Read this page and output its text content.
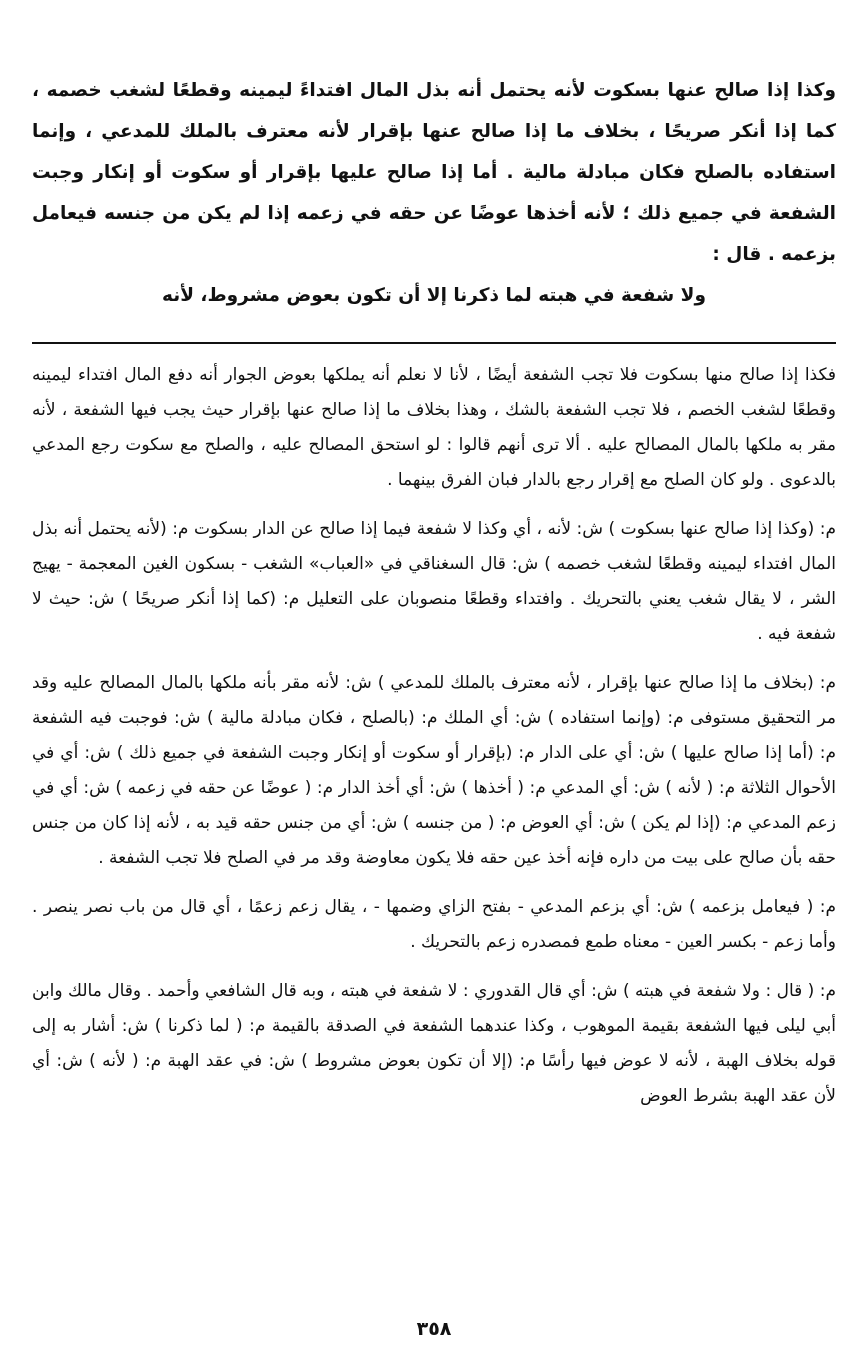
وكذا إذا صالح عنها بسكوت لأنه يحتمل أنه بذل المال افتداءً ليمينه وقطعًا لشغب خصمه ، كما إذا أنكر صريحًا ، بخلاف ما إذا صالح عنها بإقرار لأنه معترف بالملك للمدعي ، وإنما استفاده بالصلح فكان مبادلة مالية . أما إذا صالح عليها بإقرار أو سكوت أو إنكار وجبت الشفعة في جميع ذلك ؛ لأنه أخذها عوضًا عن حقه في زعمه إذا لم يكن من جنسه فيعامل بزعمه . قال :
ولا شفعة في هبته لما ذكرنا إلا أن تكون بعوض مشروط، لأنه

فكذا إذا صالح منها بسكوت فلا تجب الشفعة أيضًا ، لأنا لا نعلم أنه يملكها بعوض الجوار أنه دفع المال افتداء ليمينه وقطعًا لشغب الخصم ، فلا تجب الشفعة بالشك ، وهذا بخلاف ما إذا صالح عنها بإقرار حيث يجب فيها الشفعة ، لأنه مقر به ملكها بالمال المصالح عليه . ألا ترى أنهم قالوا : لو استحق المصالح عليه ، والصلح مع سكوت رجع المدعي بالدعوى . ولو كان الصلح مع إقرار رجع بالدار فبان الفرق بينهما .

م: (وكذا إذا صالح عنها بسكوت ) ش: لأنه ، أي وكذا لا شفعة فيما إذا صالح عن الدار بسكوت م: (لأنه يحتمل أنه بذل المال افتداء ليمينه وقطعًا لشغب خصمه ) ش: قال السغناقي في «العباب» الشغب - بسكون الغين المعجمة - يهيج الشر ، لا يقال شغب يعني بالتحريك . وافتداء وقطعًا منصوبان على التعليل م: (كما إذا أنكر صريحًا ) ش: حيث لا شفعة فيه .

م: (بخلاف ما إذا صالح عنها بإقرار ، لأنه معترف بالملك للمدعي ) ش: لأنه مقر بأنه ملكها بالمال المصالح عليه وقد مر التحقيق مستوفى م: (وإنما استفاده ) ش: أي الملك م: (بالصلح ، فكان مبادلة مالية ) ش: فوجبت فيه الشفعة م: (أما إذا صالح عليها ) ش: أي على الدار م: (بإقرار أو سكوت أو إنكار وجبت الشفعة في جميع ذلك ) ش: أي في الأحوال الثلاثة م: ( لأنه ) ش: أي المدعي م: ( أخذها ) ش: أي أخذ الدار م: ( عوضًا عن حقه في زعمه ) ش: أي في زعم المدعي م: (إذا لم يكن ) ش: أي العوض م: ( من جنسه ) ش: أي من جنس حقه قيد به ، لأنه إذا كان من جنس حقه بأن صالح على بيت من داره فإنه أخذ عين حقه فلا يكون معاوضة وقد مر في الصلح فلا تجب الشفعة .

م: ( فيعامل بزعمه ) ش: أي بزعم المدعي - بفتح الزاي وضمها - ، يقال زعم زعمًا ، أي قال من باب نصر ينصر . وأما زعم - بكسر العين - معناه طمع فمصدره زعم بالتحريك .

م: ( قال : ولا شفعة في هبته ) ش: أي قال القدوري : لا شفعة في هبته ، وبه قال الشافعي وأحمد . وقال مالك وابن أبي ليلى فيها الشفعة بقيمة الموهوب ، وكذا عندهما الشفعة في الصدقة بالقيمة م: ( لما ذكرنا ) ش: أشار به إلى قوله بخلاف الهبة ، لأنه لا عوض فيها رأسًا م: (إلا أن تكون بعوض مشروط ) ش: في عقد الهبة م: ( لأنه ) ش: أي لأن عقد الهبة بشرط العوض

٣٥٨
